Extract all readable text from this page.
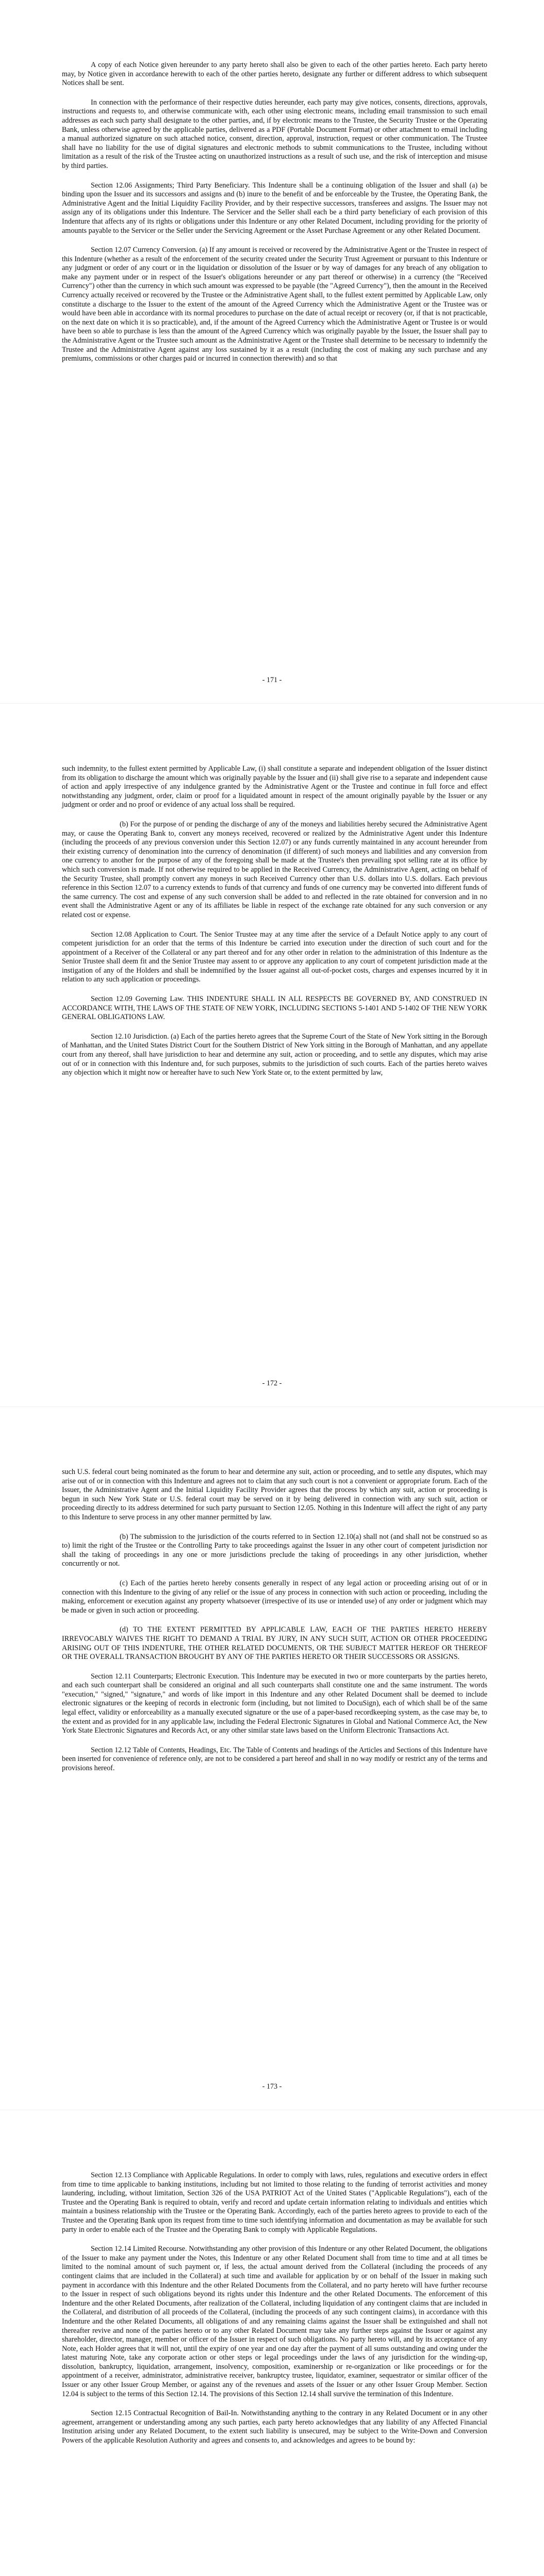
A copy of each Notice given hereunder to any party hereto shall also be given to each of the other parties hereto. Each party hereto may, by Notice given in accordance herewith to each of the other parties hereto, designate any further or different address to which subsequent Notices shall be sent.

In connection with the performance of their respective duties hereunder, each party may give notices, consents, directions, approvals, instructions and requests to, and otherwise communicate with, each other using electronic means, including email transmission to such email addresses as each such party shall designate to the other parties, and, if by electronic means to the Trustee, the Security Trustee or the Operating Bank, unless otherwise agreed by the applicable parties, delivered as a PDF (Portable Document Format) or other attachment to email including a manual authorized signature on such attached notice, consent, direction, approval, instruction, request or other communication. The Trustee shall have no liability for the use of digital signatures and electronic methods to submit communications to the Trustee, including without limitation as a result of the risk of the Trustee acting on unauthorized instructions as a result of such use, and the risk of interception and misuse by third parties.

Section 12.06 Assignments; Third Party Beneficiary. This Indenture shall be a continuing obligation of the Issuer and shall (a) be binding upon the Issuer and its successors and assigns and (b) inure to the benefit of and be enforceable by the Trustee, the Operating Bank, the Administrative Agent and the Initial Liquidity Facility Provider, and by their respective successors, transferees and assigns. The Issuer may not assign any of its obligations under this Indenture. The Servicer and the Seller shall each be a third party beneficiary of each provision of this Indenture that affects any of its rights or obligations under this Indenture or any other Related Document, including providing for the priority of amounts payable to the Servicer or the Seller under the Servicing Agreement or the Asset Purchase Agreement or any other Related Document.

Section 12.07 Currency Conversion. (a) If any amount is received or recovered by the Administrative Agent or the Trustee in respect of this Indenture (whether as a result of the enforcement of the security created under the Security Trust Agreement or pursuant to this Indenture or any judgment or order of any court or in the liquidation or dissolution of the Issuer or by way of damages for any breach of any obligation to make any payment under or in respect of the Issuer's obligations hereunder or any part thereof or otherwise) in a currency (the "Received Currency") other than the currency in which such amount was expressed to be payable (the "Agreed Currency"), then the amount in the Received Currency actually received or recovered by the Trustee or the Administrative Agent shall, to the fullest extent permitted by Applicable Law, only constitute a discharge to the Issuer to the extent of the amount of the Agreed Currency which the Administrative Agent or the Trustee was or would have been able in accordance with its normal procedures to purchase on the date of actual receipt or recovery (or, if that is not practicable, on the next date on which it is so practicable), and, if the amount of the Agreed Currency which the Administrative Agent or Trustee is or would have been so able to purchase is less than the amount of the Agreed Currency which was originally payable by the Issuer, the Issuer shall pay to the Administrative Agent or the Trustee such amount as the Administrative Agent or the Trustee shall determine to be necessary to indemnify the Trustee and the Administrative Agent against any loss sustained by it as a result (including the cost of making any such purchase and any premiums, commissions or other charges paid or incurred in connection therewith) and so that

- 171 -

such indemnity, to the fullest extent permitted by Applicable Law, (i) shall constitute a separate and independent obligation of the Issuer distinct from its obligation to discharge the amount which was originally payable by the Issuer and (ii) shall give rise to a separate and independent cause of action and apply irrespective of any indulgence granted by the Administrative Agent or the Trustee and continue in full force and effect notwithstanding any judgment, order, claim or proof for a liquidated amount in respect of the amount originally payable by the Issuer or any judgment or order and no proof or evidence of any actual loss shall be required.

(b) For the purpose of or pending the discharge of any of the moneys and liabilities hereby secured the Administrative Agent may, or cause the Operating Bank to, convert any moneys received, recovered or realized by the Administrative Agent under this Indenture (including the proceeds of any previous conversion under this Section 12.07) or any funds currently maintained in any account hereunder from their existing currency of denomination into the currency of denomination (if different) of such moneys and liabilities and any conversion from one currency to another for the purpose of any of the foregoing shall be made at the Trustee's then prevailing spot selling rate at its office by which such conversion is made. If not otherwise required to be applied in the Received Currency, the Administrative Agent, acting on behalf of the Security Trustee, shall promptly convert any moneys in such Received Currency other than U.S. dollars into U.S. dollars. Each previous reference in this Section 12.07 to a currency extends to funds of that currency and funds of one currency may be converted into different funds of the same currency. The cost and expense of any such conversion shall be added to and reflected in the rate obtained for conversion and in no event shall the Administrative Agent or any of its affiliates be liable in respect of the exchange rate obtained for any such conversion or any related cost or expense.

Section 12.08 Application to Court. The Senior Trustee may at any time after the service of a Default Notice apply to any court of competent jurisdiction for an order that the terms of this Indenture be carried into execution under the direction of such court and for the appointment of a Receiver of the Collateral or any part thereof and for any other order in relation to the administration of this Indenture as the Senior Trustee shall deem fit and the Senior Trustee may assent to or approve any application to any court of competent jurisdiction made at the instigation of any of the Holders and shall be indemnified by the Issuer against all out-of-pocket costs, charges and expenses incurred by it in relation to any such application or proceedings.

Section 12.09 Governing Law. THIS INDENTURE SHALL IN ALL RESPECTS BE GOVERNED BY, AND CONSTRUED IN ACCORDANCE WITH, THE LAWS OF THE STATE OF NEW YORK, INCLUDING SECTIONS 5-1401 AND 5-1402 OF THE NEW YORK GENERAL OBLIGATIONS LAW.

Section 12.10 Jurisdiction. (a) Each of the parties hereto agrees that the Supreme Court of the State of New York sitting in the Borough of Manhattan, and the United States District Court for the Southern District of New York sitting in the Borough of Manhattan, and any appellate court from any thereof, shall have jurisdiction to hear and determine any suit, action or proceeding, and to settle any disputes, which may arise out of or in connection with this Indenture and, for such purposes, submits to the jurisdiction of such courts. Each of the parties hereto waives any objection which it might now or hereafter have to such New York State or, to the extent permitted by law,

- 172 -

such U.S. federal court being nominated as the forum to hear and determine any suit, action or proceeding, and to settle any disputes, which may arise out of or in connection with this Indenture and agrees not to claim that any such court is not a convenient or appropriate forum. Each of the Issuer, the Administrative Agent and the Initial Liquidity Facility Provider agrees that the process by which any suit, action or proceeding is begun in such New York State or U.S. federal court may be served on it by being delivered in connection with any such suit, action or proceeding directly to its address determined for such party pursuant to Section 12.05. Nothing in this Indenture will affect the right of any party to this Indenture to serve process in any other manner permitted by law.

(b) The submission to the jurisdiction of the courts referred to in Section 12.10(a) shall not (and shall not be construed so as to) limit the right of the Trustee or the Controlling Party to take proceedings against the Issuer in any other court of competent jurisdiction nor shall the taking of proceedings in any one or more jurisdictions preclude the taking of proceedings in any other jurisdiction, whether concurrently or not.

(c) Each of the parties hereto hereby consents generally in respect of any legal action or proceeding arising out of or in connection with this Indenture to the giving of any relief or the issue of any process in connection with such action or proceeding, including the making, enforcement or execution against any property whatsoever (irrespective of its use or intended use) of any order or judgment which may be made or given in such action or proceeding.

(d) TO THE EXTENT PERMITTED BY APPLICABLE LAW, EACH OF THE PARTIES HERETO HEREBY IRREVOCABLY WAIVES THE RIGHT TO DEMAND A TRIAL BY JURY, IN ANY SUCH SUIT, ACTION OR OTHER PROCEEDING ARISING OUT OF THIS INDENTURE, THE OTHER RELATED DOCUMENTS, OR THE SUBJECT MATTER HEREOF OR THEREOF OR THE OVERALL TRANSACTION BROUGHT BY ANY OF THE PARTIES HERETO OR THEIR SUCCESSORS OR ASSIGNS.

Section 12.11 Counterparts; Electronic Execution. This Indenture may be executed in two or more counterparts by the parties hereto, and each such counterpart shall be considered an original and all such counterparts shall constitute one and the same instrument. The words "execution," "signed," "signature," and words of like import in this Indenture and any other Related Document shall be deemed to include electronic signatures or the keeping of records in electronic form (including, but not limited to DocuSign), each of which shall be of the same legal effect, validity or enforceability as a manually executed signature or the use of a paper-based recordkeeping system, as the case may be, to the extent and as provided for in any applicable law, including the Federal Electronic Signatures in Global and National Commerce Act, the New York State Electronic Signatures and Records Act, or any other similar state laws based on the Uniform Electronic Transactions Act.

Section 12.12 Table of Contents, Headings, Etc. The Table of Contents and headings of the Articles and Sections of this Indenture have been inserted for convenience of reference only, are not to be considered a part hereof and shall in no way modify or restrict any of the terms and provisions hereof.

- 173 -

Section 12.13 Compliance with Applicable Regulations. In order to comply with laws, rules, regulations and executive orders in effect from time to time applicable to banking institutions, including but not limited to those relating to the funding of terrorist activities and money laundering, including, without limitation, Section 326 of the USA PATRIOT Act of the United States ("Applicable Regulations"), each of the Trustee and the Operating Bank is required to obtain, verify and record and update certain information relating to individuals and entities which maintain a business relationship with the Trustee or the Operating Bank. Accordingly, each of the parties hereto agrees to provide to each of the Trustee and the Operating Bank upon its request from time to time such identifying information and documentation as may be available for such party in order to enable each of the Trustee and the Operating Bank to comply with Applicable Regulations.

Section 12.14 Limited Recourse. Notwithstanding any other provision of this Indenture or any other Related Document, the obligations of the Issuer to make any payment under the Notes, this Indenture or any other Related Document shall from time to time and at all times be limited to the nominal amount of such payment or, if less, the actual amount derived from the Collateral (including the proceeds of any contingent claims that are included in the Collateral) at such time and available for application by or on behalf of the Issuer in making such payment in accordance with this Indenture and the other Related Documents from the Collateral, and no party hereto will have further recourse to the Issuer in respect of such obligations beyond its rights under this Indenture and the other Related Documents. The enforcement of this Indenture and the other Related Documents, after realization of the Collateral, including liquidation of any contingent claims that are included in the Collateral, and distribution of all proceeds of the Collateral, (including the proceeds of any such contingent claims), in accordance with this Indenture and the other Related Documents, all obligations of and any remaining claims against the Issuer shall be extinguished and shall not thereafter revive and none of the parties hereto or to any other Related Document may take any further steps against the Issuer or against any shareholder, director, manager, member or officer of the Issuer in respect of such obligations. No party hereto will, and by its acceptance of any Note, each Holder agrees that it will not, until the expiry of one year and one day after the payment of all sums outstanding and owing under the latest maturing Note, take any corporate action or other steps or legal proceedings under the laws of any jurisdiction for the winding-up, dissolution, bankruptcy, liquidation, arrangement, insolvency, composition, examinership or re-organization or like proceedings or for the appointment of a receiver, administrator, administrative receiver, bankruptcy trustee, liquidator, examiner, sequestrator or similar officer of the Issuer or any other Issuer Group Member, or against any of the revenues and assets of the Issuer or any other Issuer Group Member. Section 12.04 is subject to the terms of this Section 12.14. The provisions of this Section 12.14 shall survive the termination of this Indenture.

Section 12.15 Contractual Recognition of Bail-In. Notwithstanding anything to the contrary in any Related Document or in any other agreement, arrangement or understanding among any such parties, each party hereto acknowledges that any liability of any Affected Financial Institution arising under any Related Document, to the extent such liability is unsecured, may be subject to the Write-Down and Conversion Powers of the applicable Resolution Authority and agrees and consents to, and acknowledges and agrees to be bound by:
